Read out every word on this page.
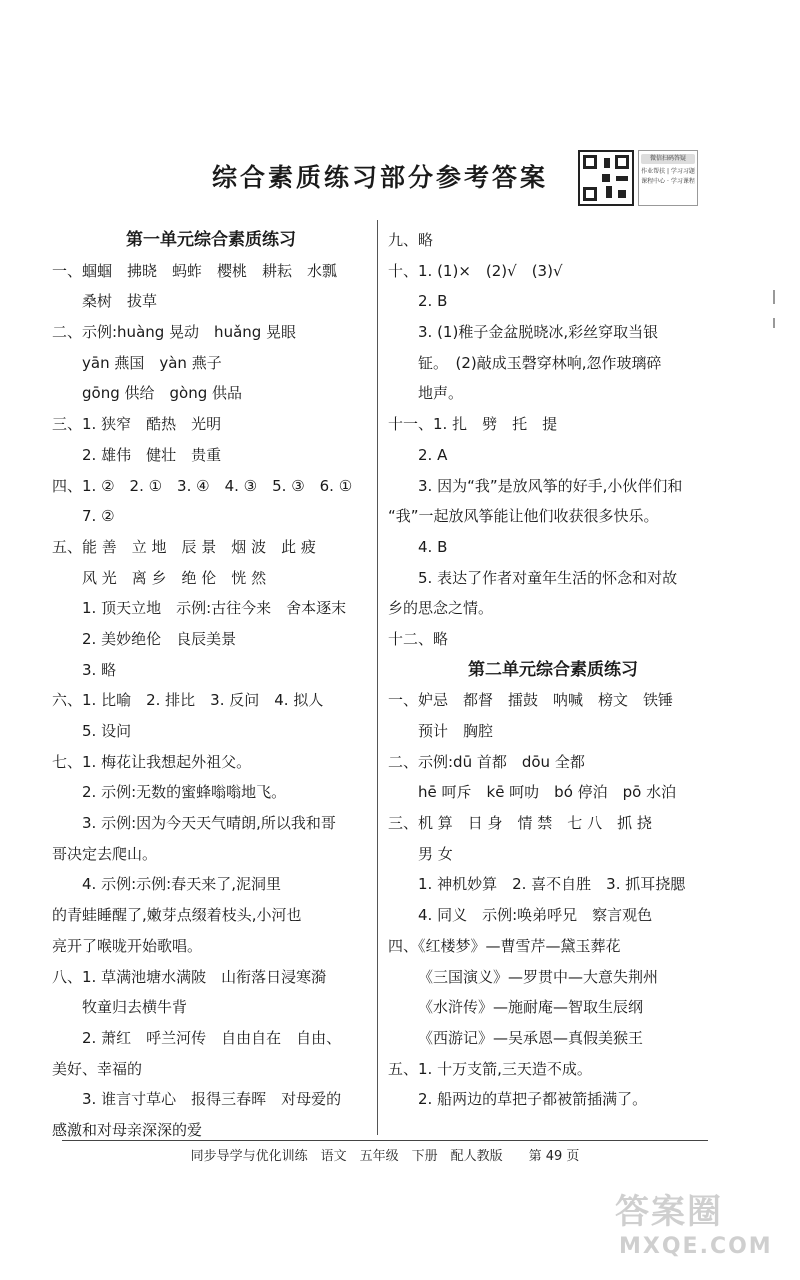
综合素质练习部分参考答案
微信扫码答疑
作业帮扶 | 学习习题
课程中心 · 学习课程
第一单元综合素质练习
一、蝈蝈　拂晓　蚂蚱　樱桃　耕耘　水瓢
桑树　拔草
二、示例:huàng 晃动　huǎng 晃眼
yān 燕国　yàn 燕子
gōng 供给　gòng 供品
三、1. 狭窄　酷热　光明
2. 雄伟　健壮　贵重
四、1. ②　2. ①　3. ④　4. ③　5. ③　6. ①
7. ②
五、能 善　立 地　辰 景　烟 波　此 疲
风 光　离 乡　绝 伦　恍 然
1. 顶天立地　示例:古往今来　舍本逐末
2. 美妙绝伦　良辰美景
3. 略
六、1. 比喻　2. 排比　3. 反问　4. 拟人
5. 设问
七、1. 梅花让我想起外祖父。
2. 示例:无数的蜜蜂嗡嗡地飞。
3. 示例:因为今天天气晴朗,所以我和哥
哥决定去爬山。
4. 示例:示例:春天来了,泥洞里
的青蛙睡醒了,嫩芽点缀着枝头,小河也
亮开了喉咙开始歌唱。
八、1. 草满池塘水满陂　山衔落日浸寒漪
牧童归去横牛背
2. 萧红　呼兰河传　自由自在　自由、
美好、幸福的
3. 谁言寸草心　报得三春晖　对母爱的
感激和对母亲深深的爱
九、略
十、1. (1)×　(2)√　(3)√
2. B
3. (1)稚子金盆脱晓冰,彩丝穿取当银
钲。　(2)敲成玉磬穿林响,忽作玻璃碎
地声。
十一、1. 扎　劈　托　提
2. A
3. 因为“我”是放风筝的好手,小伙伴们和
“我”一起放风筝能让他们收获很多快乐。
4. B
5. 表达了作者对童年生活的怀念和对故
乡的思念之情。
十二、略
第二单元综合素质练习
一、妒忌　都督　擂鼓　呐喊　榜文　铁锤
预计　胸腔
二、示例:dū 首都　dōu 全都
hē 呵斥　kē 呵叻　bó 停泊　pō 水泊
三、机 算　日 身　情 禁　七 八　抓 挠
男 女
1. 神机妙算　2. 喜不自胜　3. 抓耳挠腮
4. 同义　示例:唤弟呼兄　察言观色
四、《红楼梦》—曹雪芹—黛玉葬花
《三国演义》—罗贯中—大意失荆州
《水浒传》—施耐庵—智取生辰纲
《西游记》—吴承恩—真假美猴王
五、1. 十万支箭,三天造不成。
2. 船两边的草把子都被箭插满了。
同步导学与优化训练　语文　五年级　下册　配人教版　　第 49 页
答案圈
MXQE.COM
